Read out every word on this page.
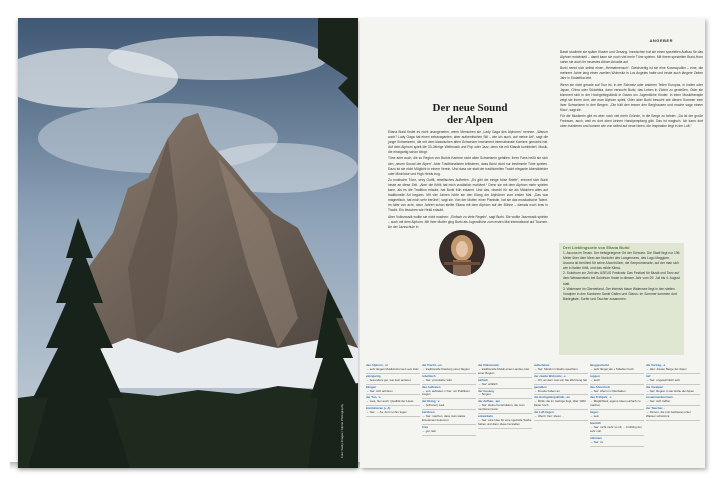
Foto: Getty Images / Alpine Photography
ANGEBER
Der neue Sound
der Alpen

Eliana Burki findet es nicht unangenehm, wenn Menschen sie „Lady Gaga des Alphorns“ nennen. „Warum auch? Lady Gaga hat einen extravaganten, aber authentischen Stil – wie ich auch, auf meine Art“, sagt die junge Schweizerin, die mit dem klassischen alten Schweizer Instrument internationale Karriere gemacht hat. Auf dem Alphorn spielt die 33-Jährige Weltmusik und Pop oder Jazz, denn sie mit Klassik kombiniert. Musik, die einzigartig schon klingt.

Töne aber auch, die zu Region von Burkis Karriere nicht allen Schweizern gefallen. Ihren Fans heißt sie sich den „neuen Sound der Alpen“. Aber Traditionalisten kritisieren, dass Burki nicht nur bestimmte Töne spielen. Dazu ist sie nicht Möglicht in einem Verein. Und dass sie statt der traditionellen Tracht elegante Abendkleider oder Miniröcke und High Heels trug.

Zu exotische Töne, sexy Outfit, rebellisches Auftreten. „Es gibt die einige böse Briefe“, erinnert sich Burki heute an diese Zeit. „Aber die Kritik hat mich zusätzlich motiviert.“ Denn sie mit dem Alphorn mehr spielen kann, als es die Tradition erlaubt, hat Burki früh erkannt. Und das, obwohl für sie als Mädchen alles auf traditionelle Art begann. Mit vier Jahren hörte sie den Klang der Alphörner zum ersten Mal. „Das war magnetisch, hat mich sehr berührt“, sagt sie. Von der Mutter, einer Pianistin, hat sie das musikalische Talent. Im Alter von acht, neun Jahren schon stellte Eliana mit dem Alphorn auf der Bühne – damals noch brav in Tracht. Ein bisschen wie Heidi erlaubt.

Aber Volksmusik wollte sie nicht machen: „Einfach zu viele Regeln“, sagt Burki. Sie wollte Jazzmusik spielen – auch mit dem Alphorn. Mit ihrer Mutter ging Burki als Jugendliche zum ersten Mal international auf Tournee. An der Jazzschule in

Basel studierte sie später Klavier und Gesang. Inzwischen hat sie einen speziellen Aufbau für das Alphorn entwickelt – damit kann sie noch viel mehr Töne spielen. Mit ihrem speziellen Burki-Horn nahm sie auch ihr neuestes Album Arcadia auf.

Burki nennt sich selbst einen „Heimatmensch“. Gleichzeitig ist sie eine Kosmopolitin – eine, die mehrere Jahre lang einen zweiten Wohnsitz in Los Angeles hatte und heute auch längere Zeiten Jahr in Südafrika lebt.

Wenn sie nicht gerade auf Tour ist, in der Schweiz oder anderen Teilen Europas, in Indien oder Japan, China oder Südafrika, dann versucht Burki, das Leben in Zürich zu genießen. Oder sie kümmert sich in der Hochgebirgsklinik in Davos um Jugendliche Kinder. In einer Musiktherapie zeigt sie ihnen dort, wie man Alphorn spielt. Oder aber Burki besucht wie diesen Sommer eine ihrer Schweizern in den Bergen. „Die hält den immer den Berghausen und mache sage einem Klau“, sagt sie.

Für die Musikerin gibt es aber noch viel mehr Gründe, in die Berge zu fahren: „Da ist der große Freiraum, auch, weil es dort oben keinen Handyempfang gibt. Das ist magisch. Ich kann dort oben trainieren und komme wie von selbst auf neue Ideen, die Inspiration liegt in der Luft.“

Drei Lieblingsorte von Eliana Burki

1. Ascona im Tessin. Der tiefstgelegene Ort der Schweiz. Die Stadt liegt nur 196 Meter über dem Meer am Nordufer des Langensees, des Lago Maggiore. Ascona ist berühmt für seine Ahornhölzer, die Seepromenade, auf der man sich wie in Italien fühlt, und das milde Klima.

2. Solothurn zur Zeit des USEUS Festivals: Das Festival für Musik und Tanz auf dem Weissenstein bei Solothurn findet in diesem Jahr vom 29. Juli bis 4. August statt.

3. Walensee im Glarnerland. Der intensiv blaue Walensee liegt in den steilen Voralpen in den Kantonen Sankt Gallen und Glarus. Im Sommer kommen dort Badegäste, Surfer und Taucher zusammen.

das Alphorn, ¨er
→ sehr langes Musikinstrument aus Holz
einzigartig
→ besonders gut, wie kein anderer
klingen
→ hier: sich anhören
der Ton, ¨e
→ Laut, hier auch: Qualität der Laute
kombinieren (+ A)
→ hier: → As, dort zu ihm legen
die Tracht, -en
→ traditionelle Kleidung einer Region
rebellisch
→ hier: provokativ, wild
das Auftreten
→ von: auftreten = hier: vor Publikum zeigen
der Klang, ¨e
→ (schöner) Laut
berühren
→ hier: machen, dass man starke Emotionen bekommt
brav
→ gut, lieb
die Volksmusik
→ traditionelle Musik eines Landes oder einer Region
einfach
→ hier: wirklich
der Gesang
→ Singen
der Aufbau, -ten
→ hier: kleine Konstruktion, die man montieren kann
entwickeln
→ hier: eine Idee für eine spezielle Sache haben und dann diese herstellen
aufnehmen
→ hier: Musik im Studio speichern
der zweite Wohnsitz, -e
→ Ort, an dem man ein Sie Wohnung hat
genießen
→ Freude haben an
die Hochgebirgsklinik, -en
→ Klinik, die im Gebirge liegt, über 1000 Meter hoch
die Luft liegen
→ Übertr. hier: Ideen ...
langgestreckt
→ sehr länger als + Tabellen hoch
ruppen
→ auch
das Ahornholz
→ hier: Ahorn in Oberitalien
das Frühjahr, -s
→ Möglichkeit, eigene Ideen einfach zu machen
liegen
→ sein
feierlich
→ hier: nicht mehr so oft, ... Frühling der sehr voll
stimmen
→ hier: zu
die Vortrag, -e
→ Hier: diesen Berge der Alpen
tief
→ hier: ungewöhnlich sehr
die Voralpen
→ hier: Region in der Höhe der Alpen
zusammenkommen
→ hier: sich treffen
der Taucher, -
→ Person, die (mit Gehäuse) unter Wasser schwimmt
